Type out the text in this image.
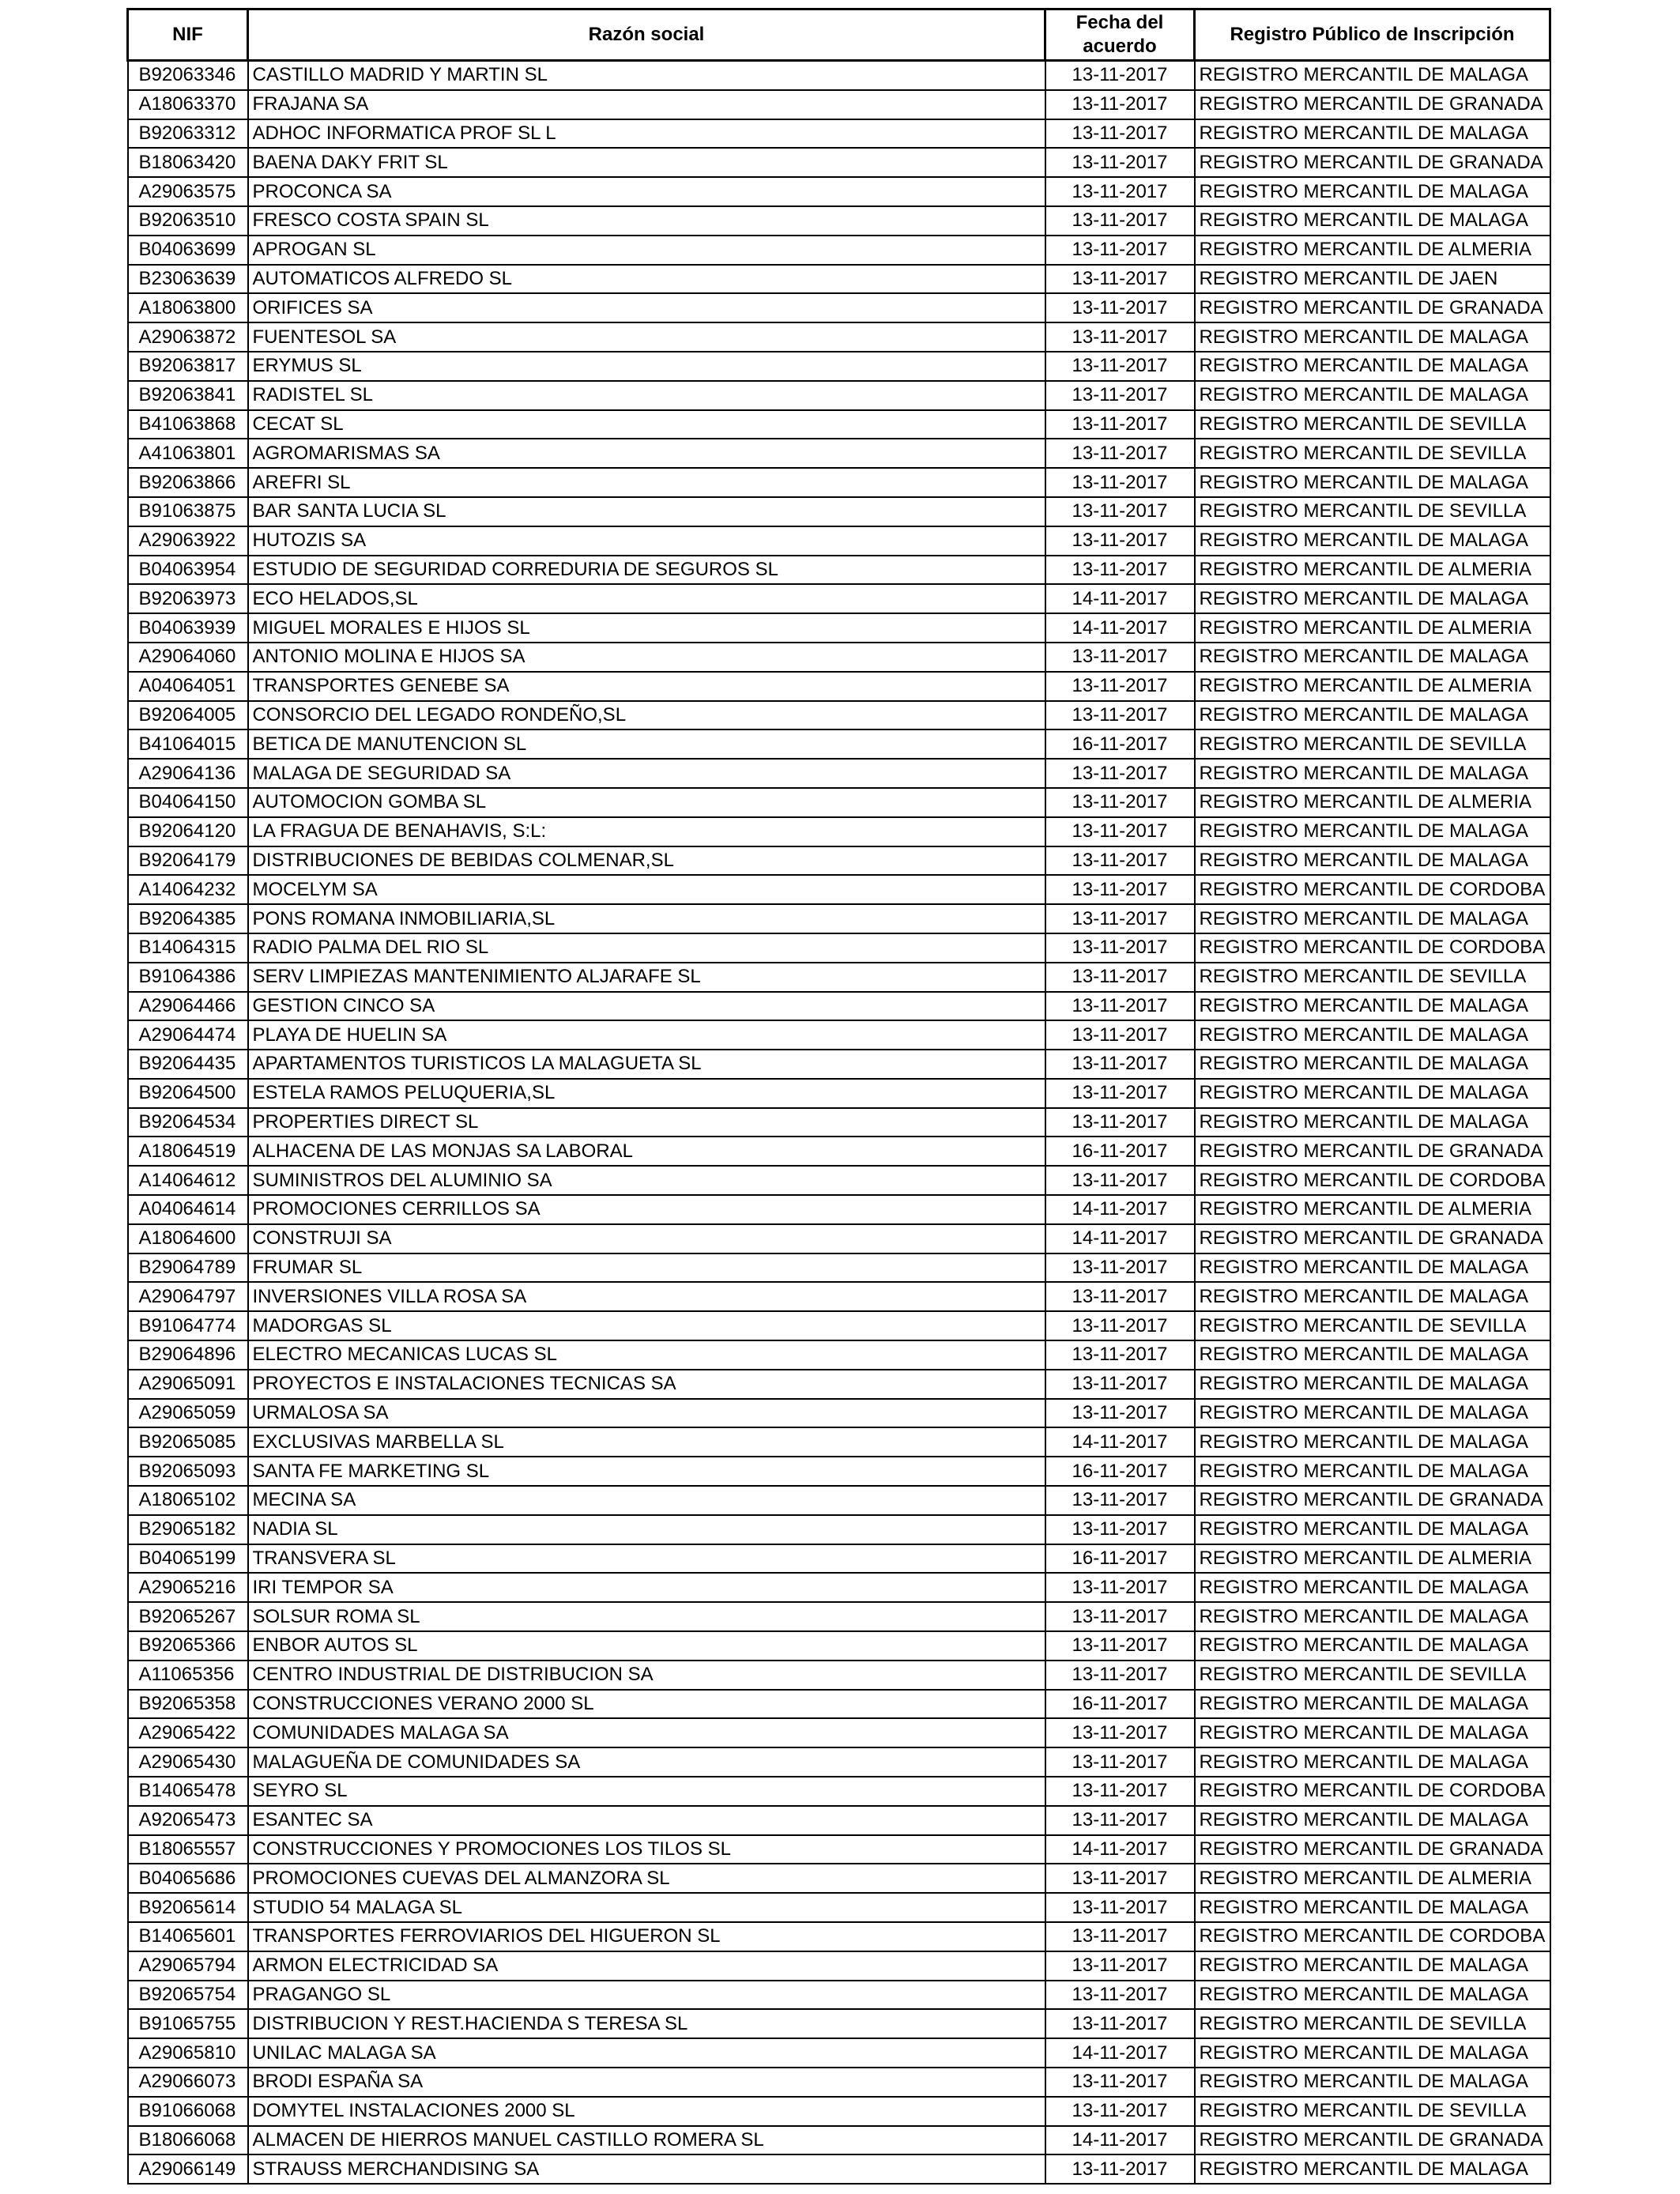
NIF	Razón social	Fecha del acuerdo	Registro Público de Inscripción
B92063346	CASTILLO MADRID Y MARTIN SL	13-11-2017	REGISTRO MERCANTIL DE MALAGA
A18063370	FRAJANA SA	13-11-2017	REGISTRO MERCANTIL DE GRANADA
B92063312	ADHOC INFORMATICA PROF SL L	13-11-2017	REGISTRO MERCANTIL DE MALAGA
B18063420	BAENA DAKY FRIT SL	13-11-2017	REGISTRO MERCANTIL DE GRANADA
A29063575	PROCONCA SA	13-11-2017	REGISTRO MERCANTIL DE MALAGA
B92063510	FRESCO COSTA SPAIN SL	13-11-2017	REGISTRO MERCANTIL DE MALAGA
B04063699	APROGAN SL	13-11-2017	REGISTRO MERCANTIL DE ALMERIA
B23063639	AUTOMATICOS ALFREDO SL	13-11-2017	REGISTRO MERCANTIL DE JAEN
A18063800	ORIFICES SA	13-11-2017	REGISTRO MERCANTIL DE GRANADA
A29063872	FUENTESOL SA	13-11-2017	REGISTRO MERCANTIL DE MALAGA
B92063817	ERYMUS SL	13-11-2017	REGISTRO MERCANTIL DE MALAGA
B92063841	RADISTEL SL	13-11-2017	REGISTRO MERCANTIL DE MALAGA
B41063868	CECAT SL	13-11-2017	REGISTRO MERCANTIL DE SEVILLA
A41063801	AGROMARISMAS SA	13-11-2017	REGISTRO MERCANTIL DE SEVILLA
B92063866	AREFRI SL	13-11-2017	REGISTRO MERCANTIL DE MALAGA
B91063875	BAR SANTA LUCIA SL	13-11-2017	REGISTRO MERCANTIL DE SEVILLA
A29063922	HUTOZIS SA	13-11-2017	REGISTRO MERCANTIL DE MALAGA
B04063954	ESTUDIO DE SEGURIDAD CORREDURIA DE SEGUROS SL	13-11-2017	REGISTRO MERCANTIL DE ALMERIA
B92063973	ECO HELADOS,SL	14-11-2017	REGISTRO MERCANTIL DE MALAGA
B04063939	MIGUEL MORALES E HIJOS SL	14-11-2017	REGISTRO MERCANTIL DE ALMERIA
A29064060	ANTONIO MOLINA E HIJOS SA	13-11-2017	REGISTRO MERCANTIL DE MALAGA
A04064051	TRANSPORTES GENEBE SA	13-11-2017	REGISTRO MERCANTIL DE ALMERIA
B92064005	CONSORCIO DEL LEGADO RONDEÑO,SL	13-11-2017	REGISTRO MERCANTIL DE MALAGA
B41064015	BETICA DE MANUTENCION SL	16-11-2017	REGISTRO MERCANTIL DE SEVILLA
A29064136	MALAGA DE SEGURIDAD SA	13-11-2017	REGISTRO MERCANTIL DE MALAGA
B04064150	AUTOMOCION GOMBA SL	13-11-2017	REGISTRO MERCANTIL DE ALMERIA
B92064120	LA FRAGUA DE BENAHAVIS, S:L:	13-11-2017	REGISTRO MERCANTIL DE MALAGA
B92064179	DISTRIBUCIONES DE BEBIDAS COLMENAR,SL	13-11-2017	REGISTRO MERCANTIL DE MALAGA
A14064232	MOCELYM SA	13-11-2017	REGISTRO MERCANTIL DE CORDOBA
B92064385	PONS ROMANA INMOBILIARIA,SL	13-11-2017	REGISTRO MERCANTIL DE MALAGA
B14064315	RADIO PALMA DEL RIO SL	13-11-2017	REGISTRO MERCANTIL DE CORDOBA
B91064386	SERV LIMPIEZAS MANTENIMIENTO ALJARAFE SL	13-11-2017	REGISTRO MERCANTIL DE SEVILLA
A29064466	GESTION CINCO SA	13-11-2017	REGISTRO MERCANTIL DE MALAGA
A29064474	PLAYA DE HUELIN SA	13-11-2017	REGISTRO MERCANTIL DE MALAGA
B92064435	APARTAMENTOS TURISTICOS LA MALAGUETA SL	13-11-2017	REGISTRO MERCANTIL DE MALAGA
B92064500	ESTELA RAMOS PELUQUERIA,SL	13-11-2017	REGISTRO MERCANTIL DE MALAGA
B92064534	PROPERTIES DIRECT SL	13-11-2017	REGISTRO MERCANTIL DE MALAGA
A18064519	ALHACENA DE LAS MONJAS SA LABORAL	16-11-2017	REGISTRO MERCANTIL DE GRANADA
A14064612	SUMINISTROS DEL ALUMINIO SA	13-11-2017	REGISTRO MERCANTIL DE CORDOBA
A04064614	PROMOCIONES CERRILLOS SA	14-11-2017	REGISTRO MERCANTIL DE ALMERIA
A18064600	CONSTRUJI SA	14-11-2017	REGISTRO MERCANTIL DE GRANADA
B29064789	FRUMAR SL	13-11-2017	REGISTRO MERCANTIL DE MALAGA
A29064797	INVERSIONES VILLA ROSA SA	13-11-2017	REGISTRO MERCANTIL DE MALAGA
B91064774	MADORGAS SL	13-11-2017	REGISTRO MERCANTIL DE SEVILLA
B29064896	ELECTRO MECANICAS LUCAS SL	13-11-2017	REGISTRO MERCANTIL DE MALAGA
A29065091	PROYECTOS E INSTALACIONES TECNICAS SA	13-11-2017	REGISTRO MERCANTIL DE MALAGA
A29065059	URMALOSA SA	13-11-2017	REGISTRO MERCANTIL DE MALAGA
B92065085	EXCLUSIVAS MARBELLA SL	14-11-2017	REGISTRO MERCANTIL DE MALAGA
B92065093	SANTA FE MARKETING SL	16-11-2017	REGISTRO MERCANTIL DE MALAGA
A18065102	MECINA SA	13-11-2017	REGISTRO MERCANTIL DE GRANADA
B29065182	NADIA SL	13-11-2017	REGISTRO MERCANTIL DE MALAGA
B04065199	TRANSVERA SL	16-11-2017	REGISTRO MERCANTIL DE ALMERIA
A29065216	IRI TEMPOR SA	13-11-2017	REGISTRO MERCANTIL DE MALAGA
B92065267	SOLSUR ROMA SL	13-11-2017	REGISTRO MERCANTIL DE MALAGA
B92065366	ENBOR AUTOS SL	13-11-2017	REGISTRO MERCANTIL DE MALAGA
A11065356	CENTRO INDUSTRIAL DE DISTRIBUCION SA	13-11-2017	REGISTRO MERCANTIL DE SEVILLA
B92065358	CONSTRUCCIONES VERANO 2000 SL	16-11-2017	REGISTRO MERCANTIL DE MALAGA
A29065422	COMUNIDADES MALAGA SA	13-11-2017	REGISTRO MERCANTIL DE MALAGA
A29065430	MALAGUEÑA DE COMUNIDADES SA	13-11-2017	REGISTRO MERCANTIL DE MALAGA
B14065478	SEYRO SL	13-11-2017	REGISTRO MERCANTIL DE CORDOBA
A92065473	ESANTEC SA	13-11-2017	REGISTRO MERCANTIL DE MALAGA
B18065557	CONSTRUCCIONES Y PROMOCIONES LOS TILOS SL	14-11-2017	REGISTRO MERCANTIL DE GRANADA
B04065686	PROMOCIONES CUEVAS DEL ALMANZORA SL	13-11-2017	REGISTRO MERCANTIL DE ALMERIA
B92065614	STUDIO 54 MALAGA SL	13-11-2017	REGISTRO MERCANTIL DE MALAGA
B14065601	TRANSPORTES FERROVIARIOS DEL HIGUERON SL	13-11-2017	REGISTRO MERCANTIL DE CORDOBA
A29065794	ARMON ELECTRICIDAD SA	13-11-2017	REGISTRO MERCANTIL DE MALAGA
B92065754	PRAGANGO SL	13-11-2017	REGISTRO MERCANTIL DE MALAGA
B91065755	DISTRIBUCION Y REST.HACIENDA S TERESA SL	13-11-2017	REGISTRO MERCANTIL DE SEVILLA
A29065810	UNILAC MALAGA SA	14-11-2017	REGISTRO MERCANTIL DE MALAGA
A29066073	BRODI ESPAÑA SA	13-11-2017	REGISTRO MERCANTIL DE MALAGA
B91066068	DOMYTEL INSTALACIONES 2000 SL	13-11-2017	REGISTRO MERCANTIL DE SEVILLA
B18066068	ALMACEN DE HIERROS MANUEL CASTILLO ROMERA SL	14-11-2017	REGISTRO MERCANTIL DE GRANADA
A29066149	STRAUSS MERCHANDISING SA	13-11-2017	REGISTRO MERCANTIL DE MALAGA
